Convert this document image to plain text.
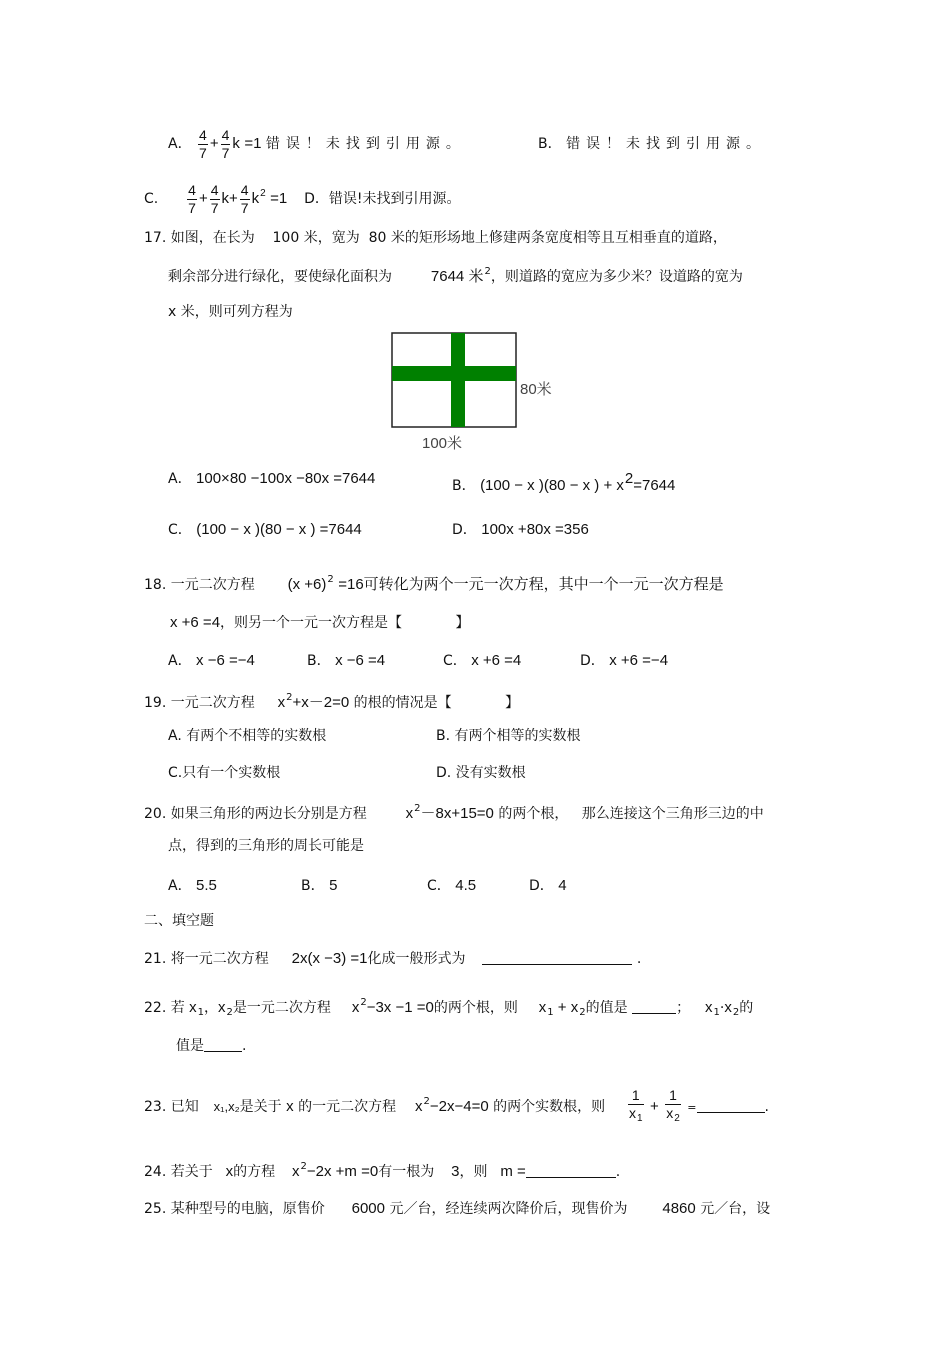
A． $\frac{4}{7} + \frac{4}{7}$ k =1 错误！未找到引用源。	B． 错误！未找到引用源。
C. $\frac{4}{7} + \frac{4}{7} k+ \frac{4}{7} k^2 =1$ D．错误!未找到引用源。
17. 如图，在长为    100 米，宽为  80 米的矩形场地上修建两条宽度相等且互相垂直的道路，
剩余部分进行绿化，要使绿化面积为	7644 米$^2$，则道路的宽应为多少米？设道路的宽为
x 米，则可列方程为
80米
100米
A． 100×80 −100x −80x =7644	B． (100 − x )(80 − x ) + $x^2=7644$
C． (100 − x )(80 − x ) =7644	D． 100x +80x =356
18. 一元二次方程 $(x +6)^2 =16$可转化为两个一元一次方程，其中一个一元一次方程是
x +6 =4，则另一个一元一次方程是【            】
A． x −6 =−4	B． x −6 =4	C． x +6 =4	D． x +6 =−4
19. 一元二次方程 $x^2+x-2=0$ 的根的情况是【            】
A. 有两个不相等的实数根	B. 有两个相等的实数根
C.只有一个实数根	D. 没有实数根
20. 如果三角形的两边长分别是方程	$x^2-8x+15=0$ 的两个根，   那么连接这个三角形三边的中
点，得到的三角形的周长可能是
A． 5.5	B． 5	C． 4.5	D． 4
二、填空题
21. 将一元二次方程 2x(x −3) =1化成一般形式为	.
22. 若 $x_1$，$x_2$是一元二次方程 $x^2-3x -1 =0$的两个根，则 $x_1 + x_2$的值是	； $x_1\cdot x_2$的
值是	.
23. 已知 x₁,x₂是关于 x 的一元二次方程 $x^2-2x-4=0$ 的两个实数根，则 $\frac{1}{x_1} + \frac{1}{x_2}$ =	.
24. 若关于 x的方程 $x^2-2x +m =0$有一根为 3，则 m =	.
25. 某种型号的电脑，原售价 6000 元／台，经连续两次降价后，现售价为 4860 元／台，设
